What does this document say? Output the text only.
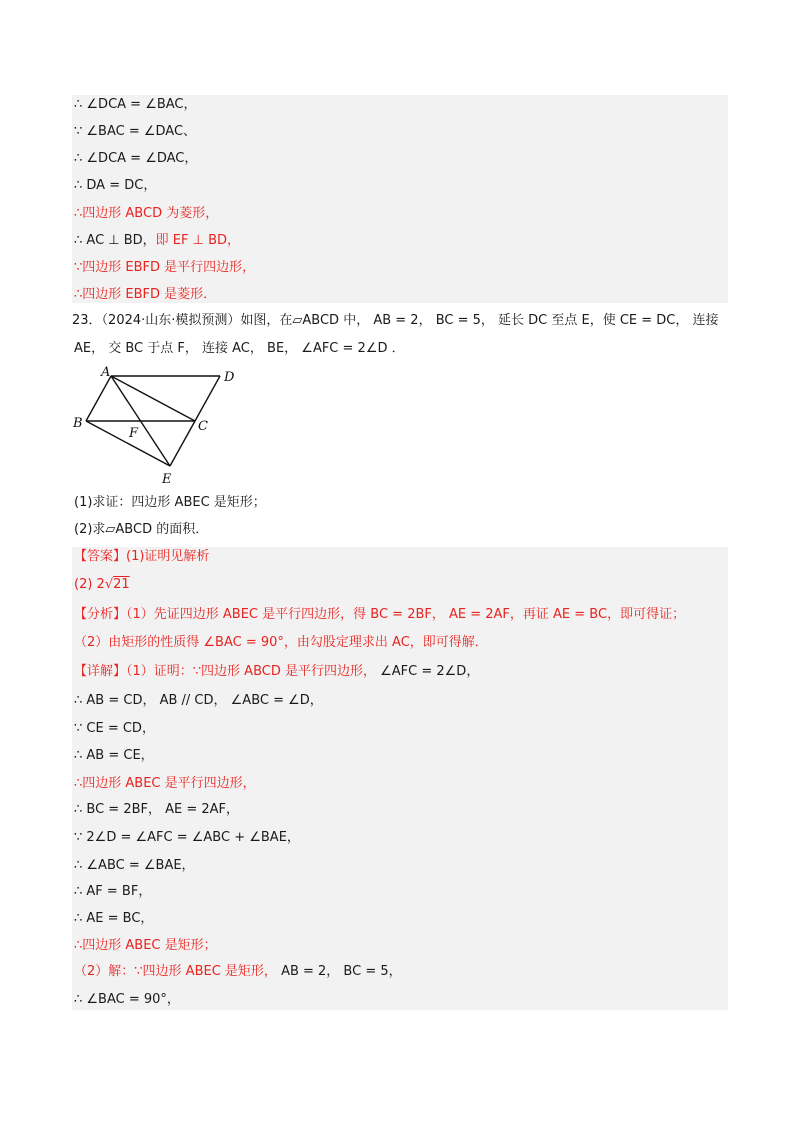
∴ ∠DCA = ∠BAC，
∵ ∠BAC = ∠DAC、
∴ ∠DCA = ∠DAC，
∴ DA = DC，
∴四边形 ABCD 为菱形，
∴ AC ⊥ BD，即 EF ⊥ BD，
∵四边形 EBFD 是平行四边形，
∴四边形 EBFD 是菱形．
23．（2024·山东·模拟预测）如图，在▱ABCD 中， AB = 2， BC = 5， 延长 DC 至点 E，使 CE = DC， 连接
AE， 交 BC 于点 F， 连接 AC， BE， ∠AFC = 2∠D ．
A	D
B	C
F
E
(1)求证：四边形 ABEC 是矩形；
(2)求▱ABCD 的面积．
【答案】(1)证明见解析
(2) 2√21
【分析】（1）先证四边形 ABEC 是平行四边形，得 BC = 2BF， AE = 2AF，再证 AE = BC，即可得证；
（2）由矩形的性质得 ∠BAC = 90°，由勾股定理求出 AC，即可得解．
【详解】（1）证明：∵四边形 ABCD 是平行四边形， ∠AFC = 2∠D，
∴ AB = CD， AB // CD， ∠ABC = ∠D，
∵ CE = CD，
∴ AB = CE，
∴四边形 ABEC 是平行四边形，
∴ BC = 2BF， AE = 2AF，
∵ 2∠D = ∠AFC = ∠ABC + ∠BAE，
∴ ∠ABC = ∠BAE，
∴ AF = BF，
∴ AE = BC，
∴四边形 ABEC 是矩形；
（2）解：∵四边形 ABEC 是矩形， AB = 2， BC = 5，
∴ ∠BAC = 90°，
